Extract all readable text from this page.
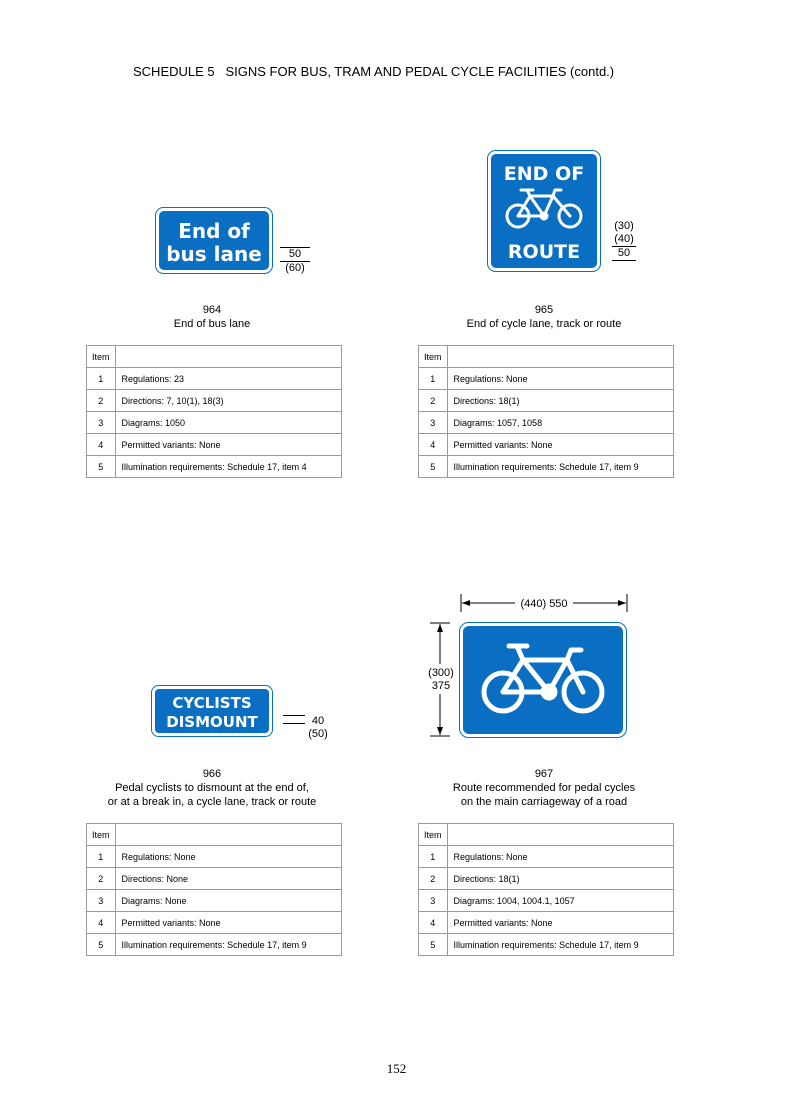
SCHEDULE 5   SIGNS FOR BUS, TRAM AND PEDAL CYCLE FACILITIES (contd.)
End of
bus lane	50
(60)
964
End of bus lane
Item	
1	Regulations: 23
2	Directions: 7, 10(1), 18(3)
3	Diagrams: 1050
4	Permitted variants: None
5	Illumination requirements: Schedule 17, item 4
END OF
ROUTE
(30)
(40)
50
965
End of cycle lane, track or route
Item	
1	Regulations: None
2	Directions: 18(1)
3	Diagrams: 1057, 1058
4	Permitted variants: None
5	Illumination requirements: Schedule 17, item 9
CYCLISTS
DISMOUNT	40
(50)
966
Pedal cyclists to dismount at the end of,
or at a break in, a cycle lane, track or route
Item	
1	Regulations: None
2	Directions: None
3	Diagrams: None
4	Permitted variants: None
5	Illumination requirements: Schedule 17, item 9
(440) 550
(300)
375
967
Route recommended for pedal cycles
on the main carriageway of a road
Item	
1	Regulations: None
2	Directions: 18(1)
3	Diagrams: 1004, 1004.1, 1057
4	Permitted variants: None
5	Illumination requirements: Schedule 17, item 9
152
